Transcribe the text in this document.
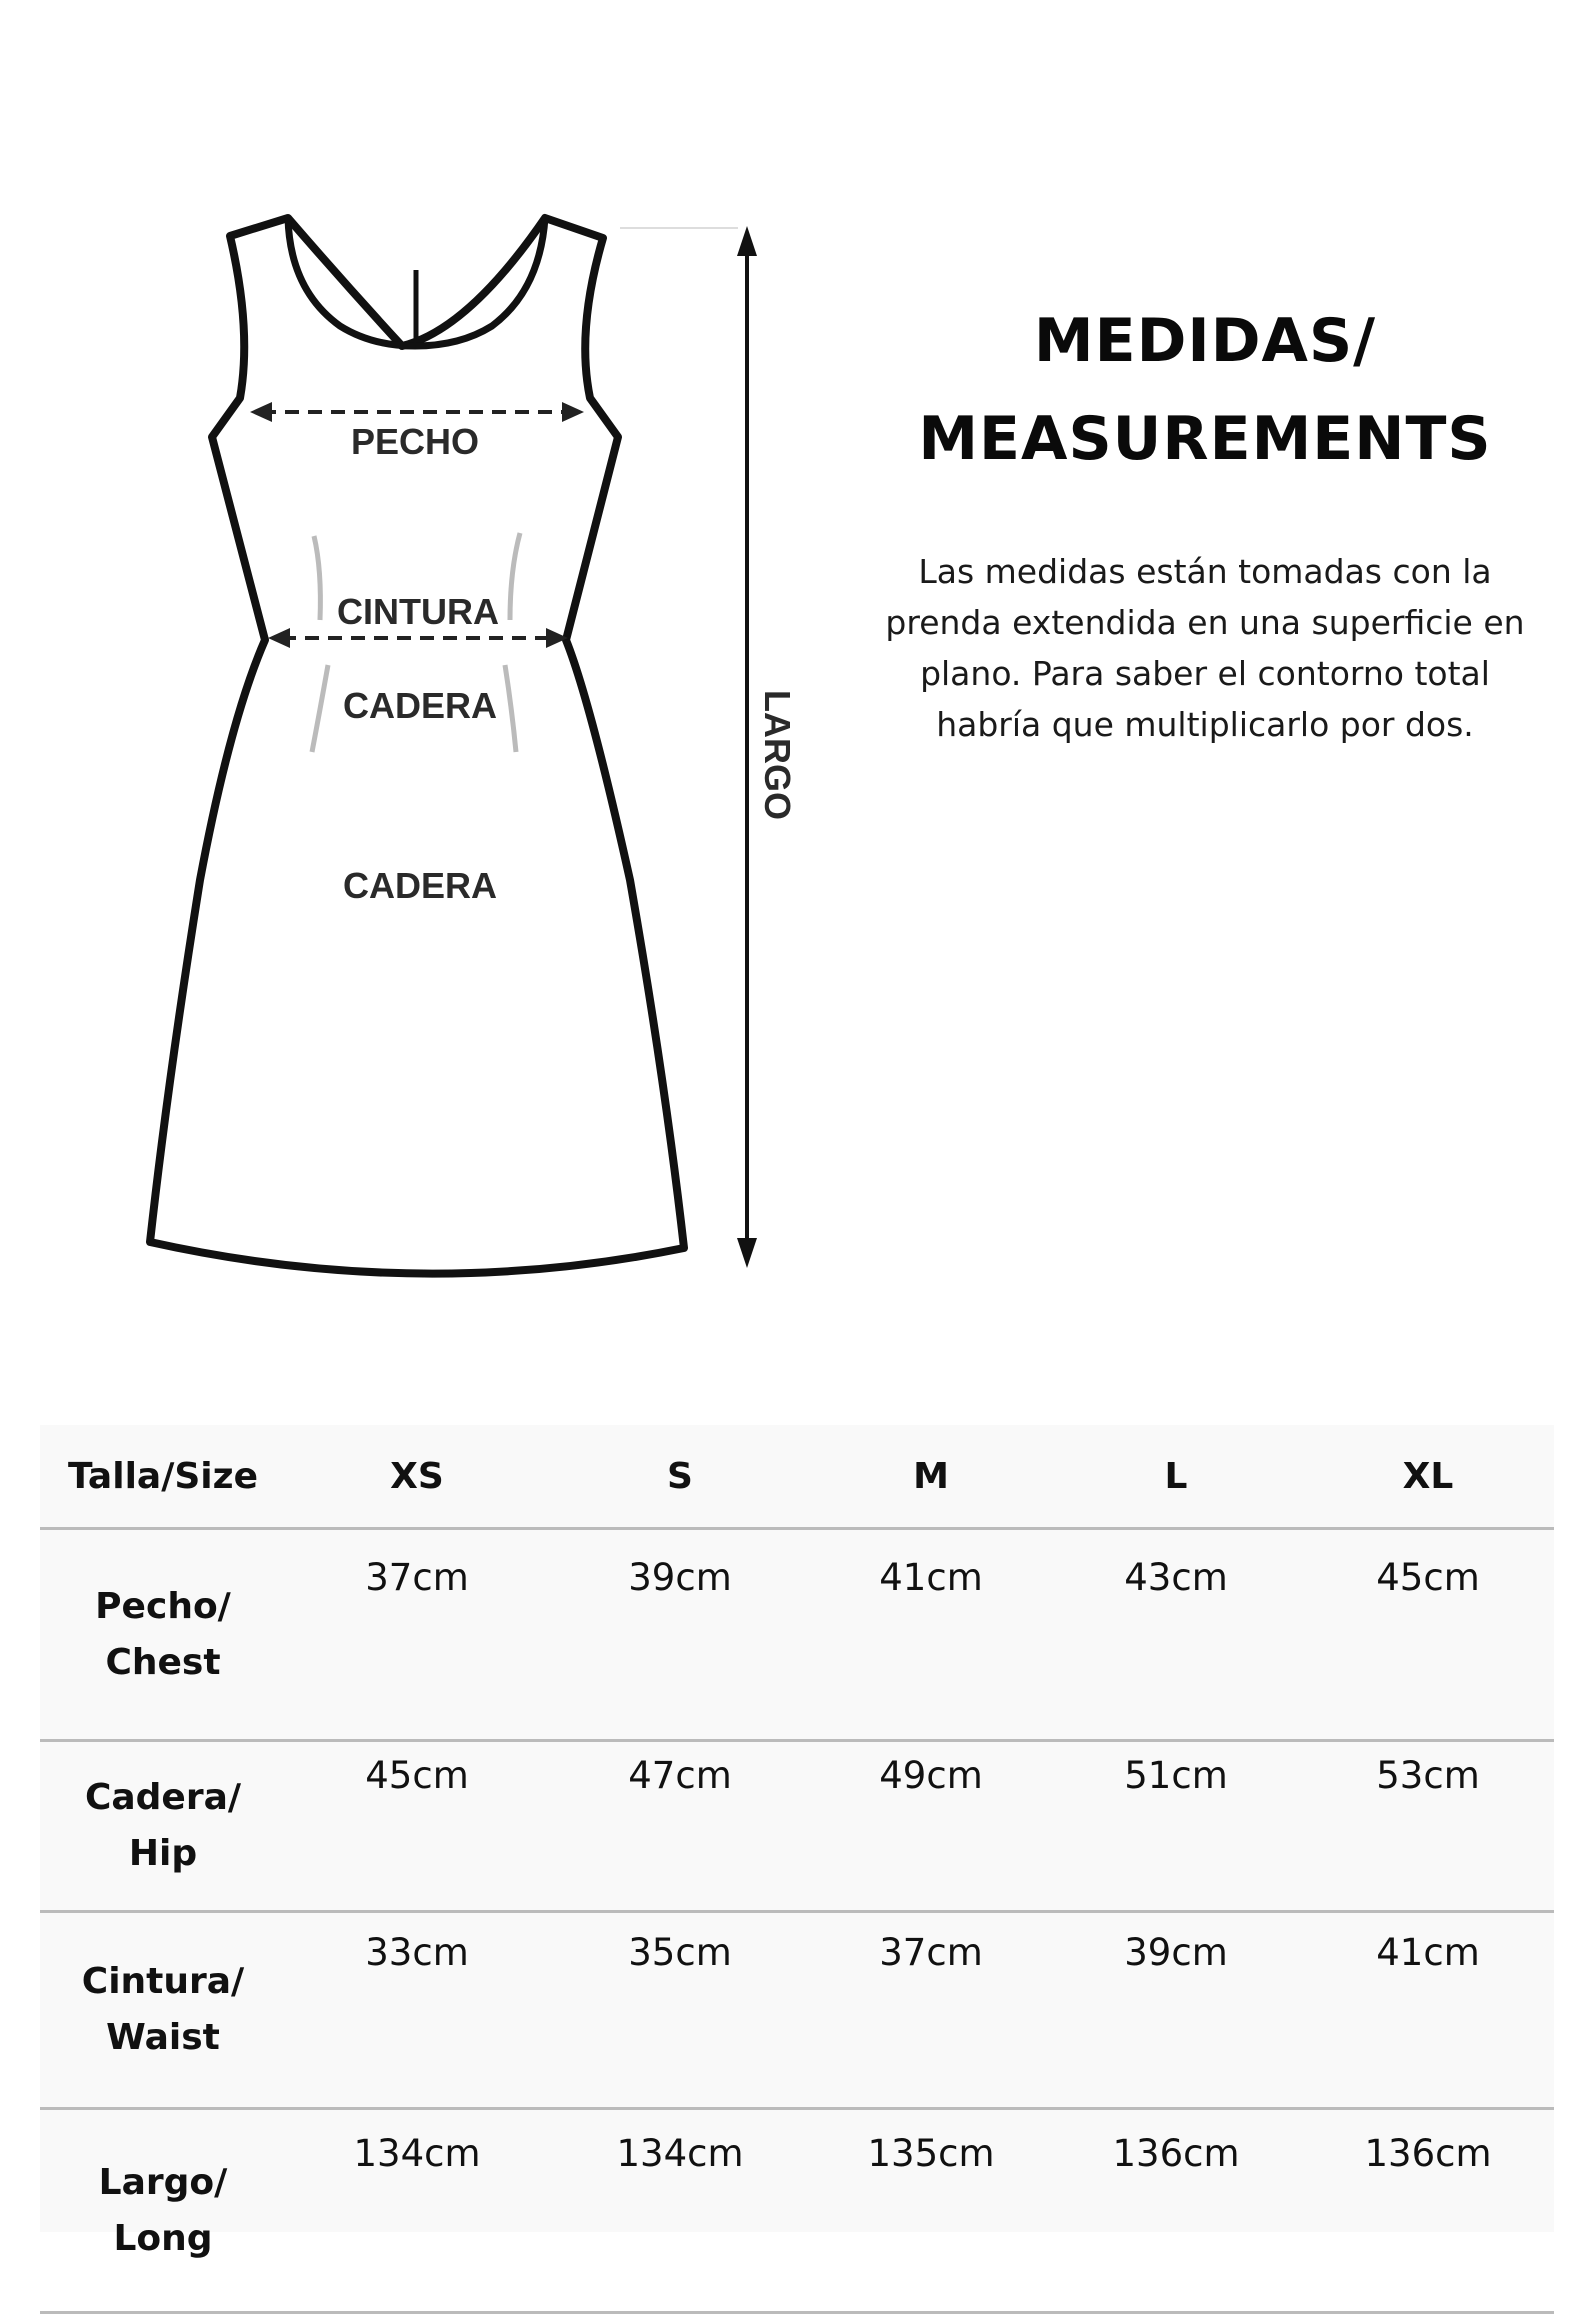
PECHO
CINTURA
CADERA
CADERA
LARGO
MEDIDAS/
MEASUREMENTS
Las medidas están tomadas con la prenda extendida en una superficie en plano. Para saber el contorno total habría que multiplicarlo por dos.
Talla/Size	XS	S	M	L	XL

Pecho/
Chest	37cm	39cm	41cm	43cm	45cm

Cadera/
Hip	45cm	47cm	49cm	51cm	53cm

Cintura/
Waist	33cm	35cm	37cm	39cm	41cm

Largo/
Long	134cm	134cm	135cm	136cm	136cm
